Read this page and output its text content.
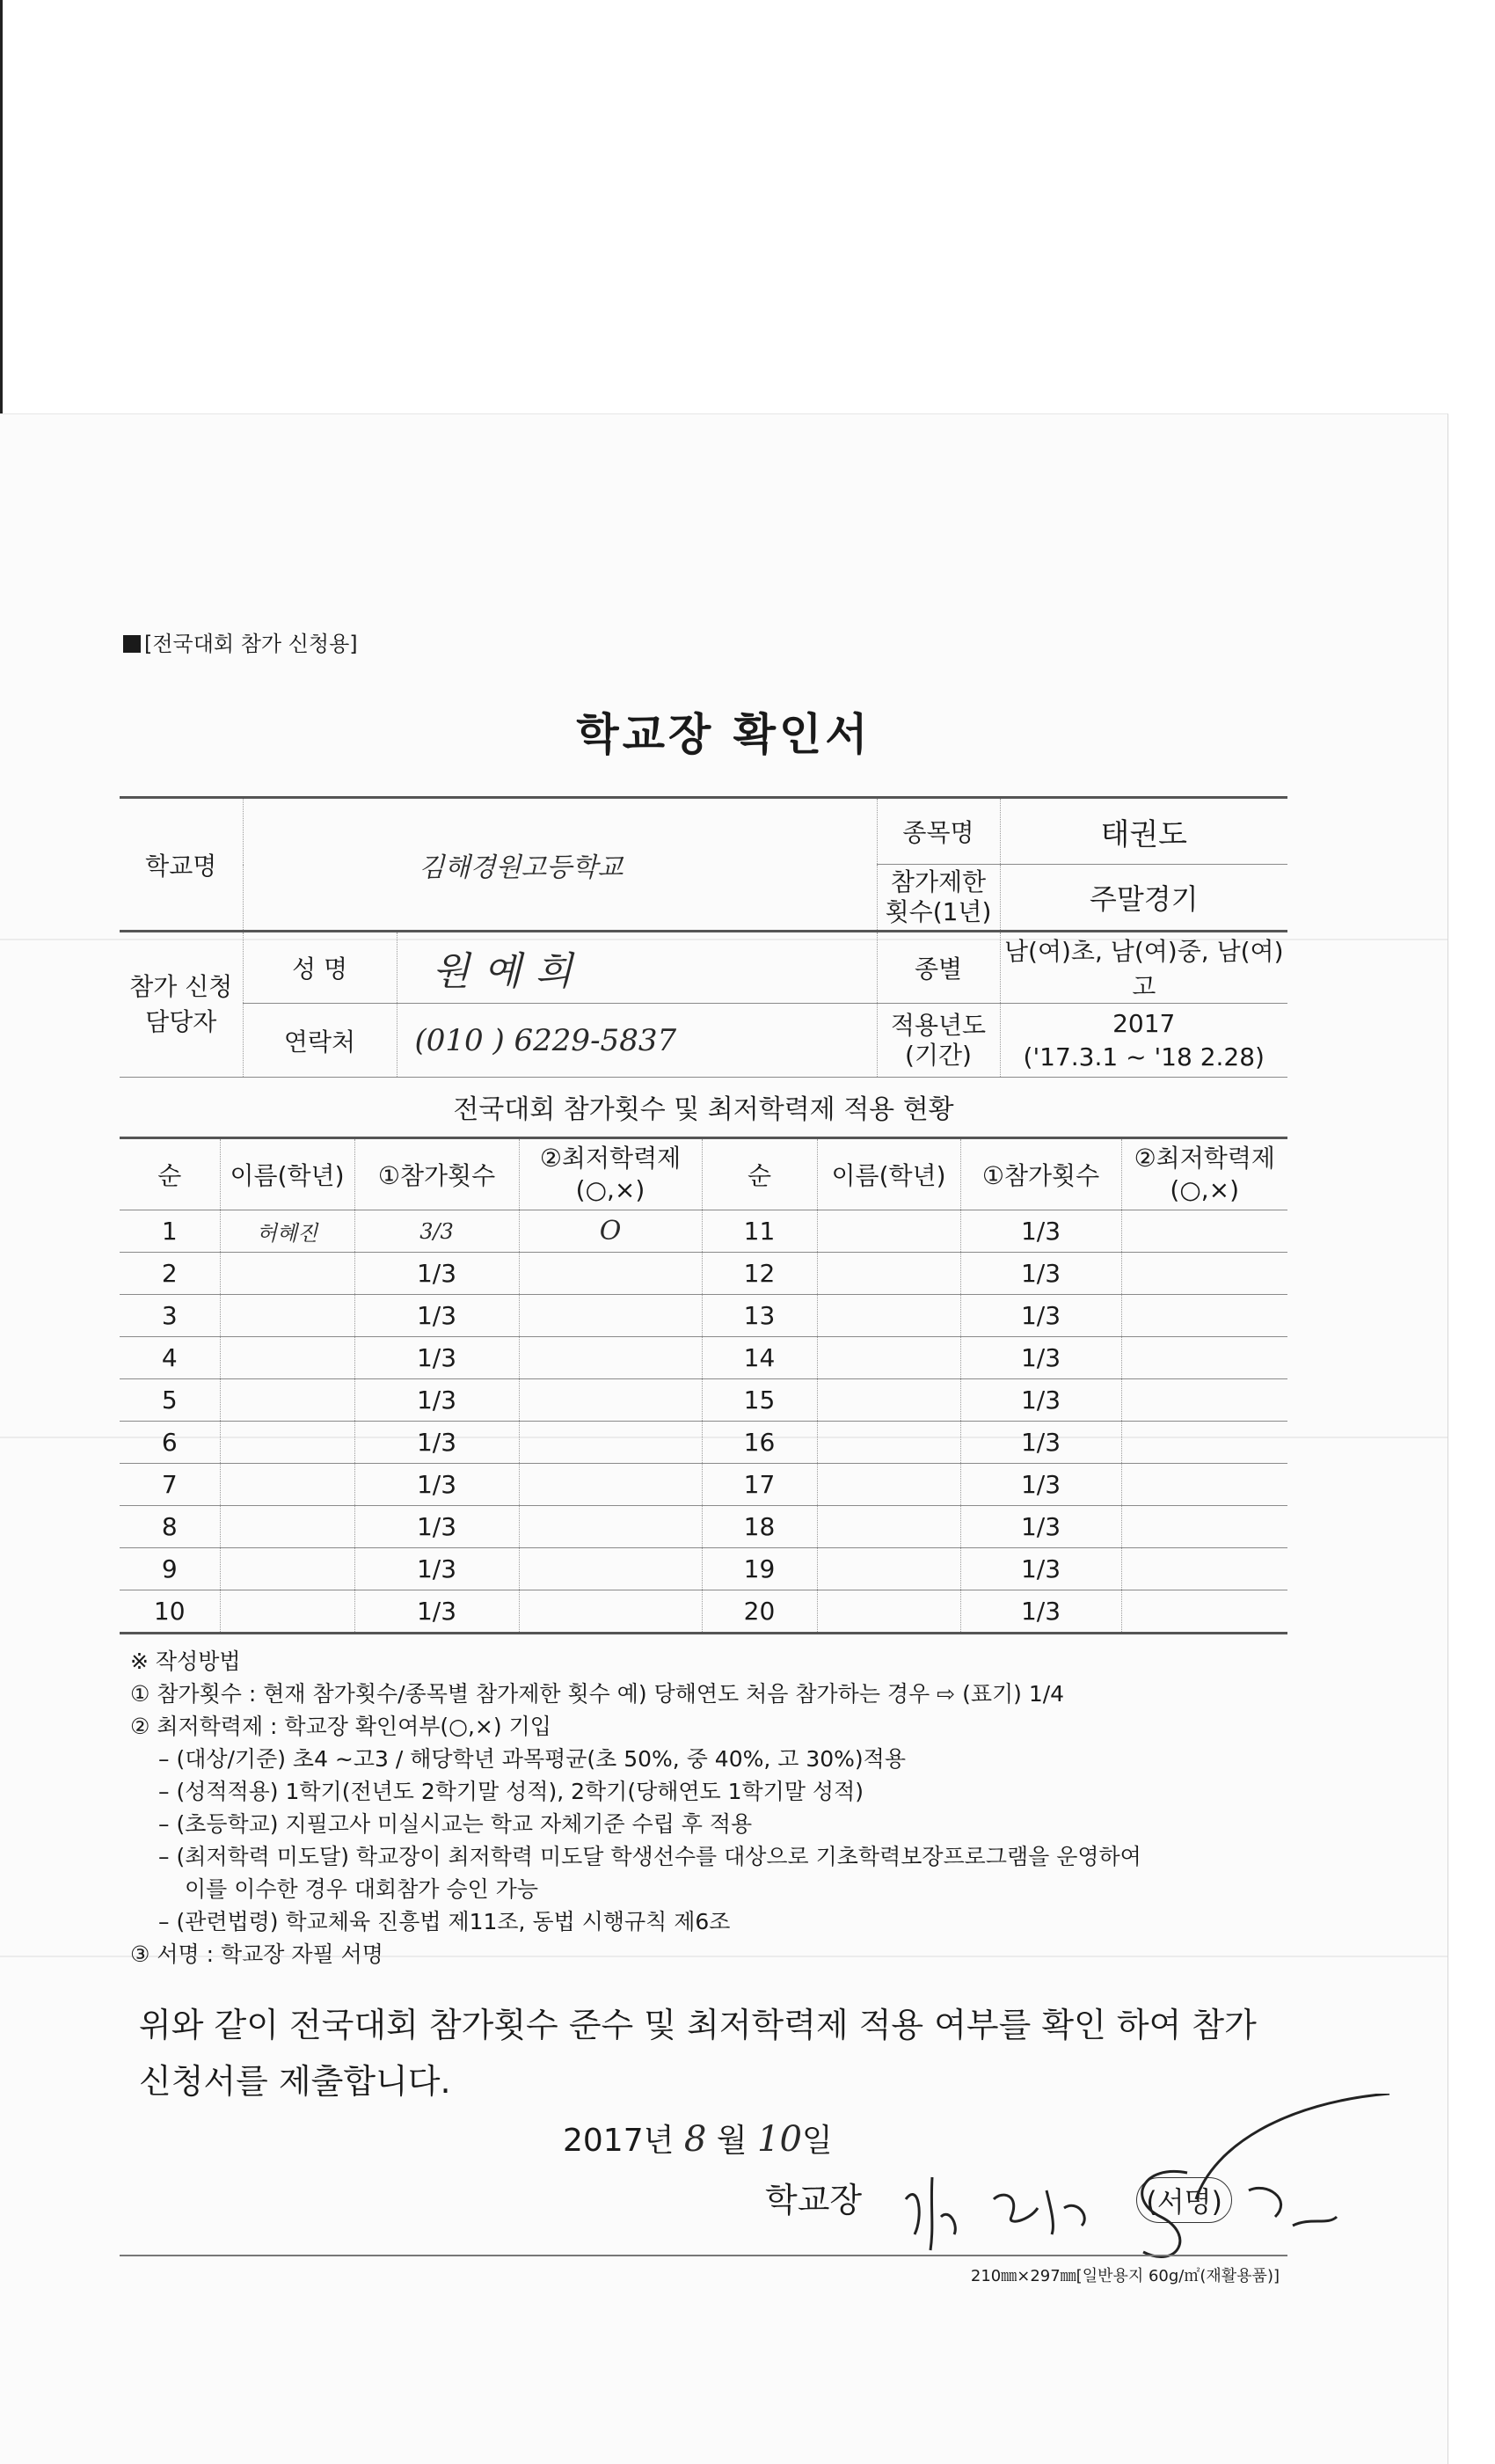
[전국대회 참가 신청용]
학교장 확인서
학교명	김해경원고등학교		종목명	태권도
			참가제한 횟수(1년)	주말경기
참가 신청 담당자	성 명	원예희	종별	남(여)초, 남(여)중, 남(여)고
	연락처	(010 ) 6229-5837	적용년도 (기간)	2017
('17.3.1 ~ '18 2.28)
전국대회 참가횟수 및 최저학력제 적용 현황
순	이름(학년)	①참가횟수	②최저학력제 (○,×)	순	이름(학년)	①참가횟수	②최저학력제 (○,×)
1	허혜진	3/3	O	11		1/3	
2		1/3		12		1/3	
3		1/3		13		1/3	
4		1/3		14		1/3	
5		1/3		15		1/3	
6		1/3		16		1/3	
7		1/3		17		1/3	
8		1/3		18		1/3	
9		1/3		19		1/3	
10		1/3		20		1/3	
※ 작성방법
① 참가횟수 : 현재 참가횟수/종목별 참가제한 횟수 예) 당해연도 처음 참가하는 경우 ⇨ (표기) 1/4
② 최저학력제 : 학교장 확인여부(○,×) 기입
– (대상/기준) 초4 ~고3 / 해당학년 과목평균(초 50%, 중 40%, 고 30%)적용
– (성적적용) 1학기(전년도 2학기말 성적), 2학기(당해연도 1학기말 성적)
– (초등학교) 지필고사 미실시교는 학교 자체기준 수립 후 적용
– (최저학력 미도달) 학교장이 최저학력 미도달 학생선수를 대상으로 기초학력보장프로그램을 운영하여
이를 이수한 경우 대회참가 승인 가능
– (관련법령) 학교체육 진흥법 제11조, 동법 시행규칙 제6조
③ 서명 : 학교장 자필 서명
위와 같이 전국대회 참가횟수 준수 및 최저학력제 적용 여부를 확인 하여 참가신청서를 제출합니다.
2017년 8 월 10일
학교장	(서명)
210㎜×297㎜[일반용지 60g/㎡(재활용품)]
